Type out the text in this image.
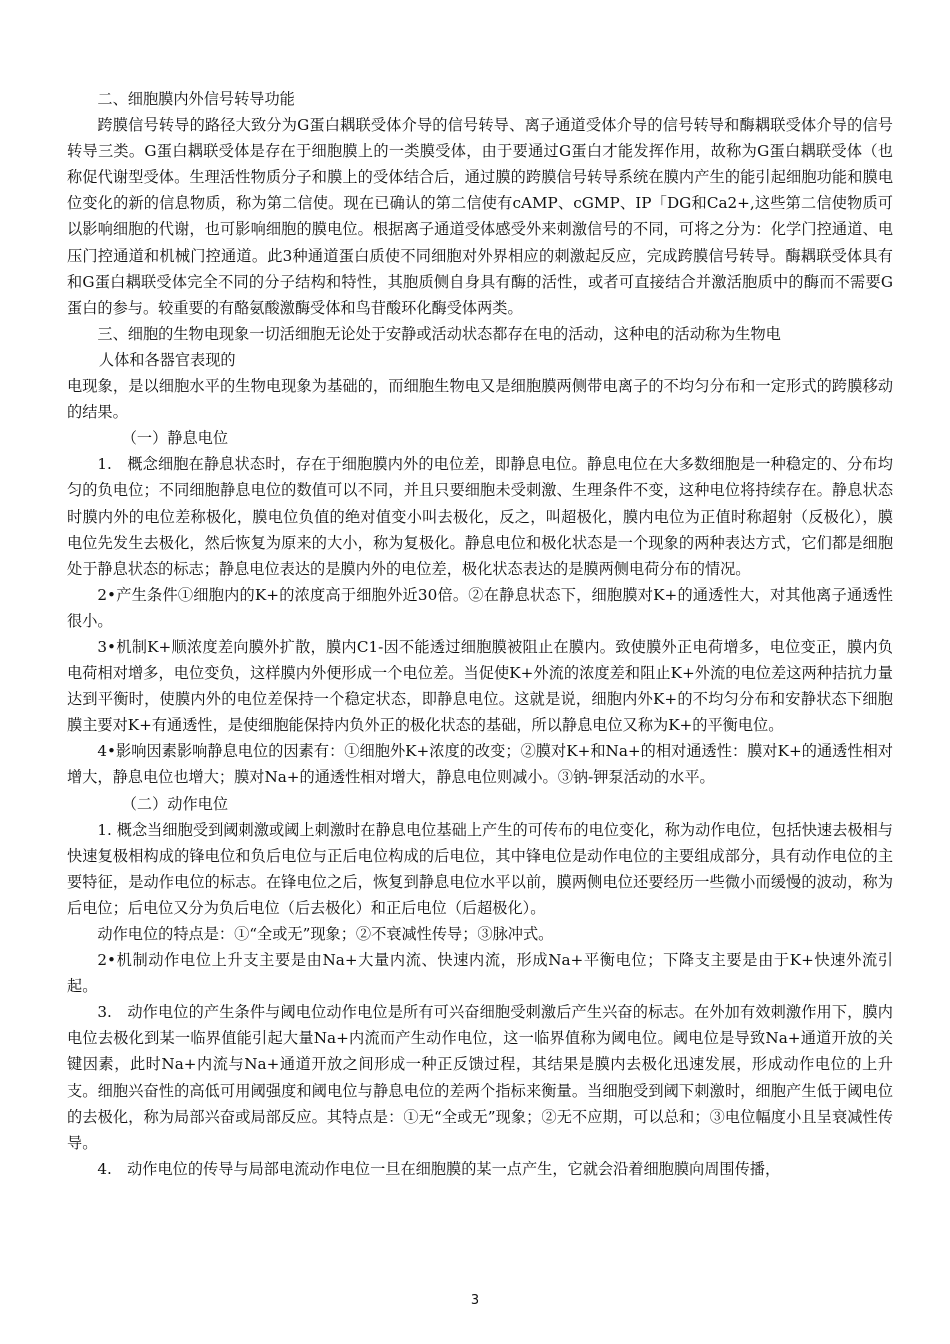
二、细胞膜内外信号转导功能

跨膜信号转导的路径大致分为G蛋白耦联受体介导的信号转导、离子通道受体介导的信号转导和酶耦联受体介导的信号转导三类。G蛋白耦联受体是存在于细胞膜上的一类膜受体，由于要通过G蛋白才能发挥作用，故称为G蛋白耦联受体（也称促代谢型受体。生理活性物质分子和膜上的受体结合后，通过膜的跨膜信号转导系统在膜内产生的能引起细胞功能和膜电位变化的新的信息物质，称为第二信使。现在已确认的第二信使有cAMP、cGMP、IP「DG和Ca2+,这些第二信使物质可以影响细胞的代谢，也可影响细胞的膜电位。根据离子通道受体感受外来刺激信号的不同，可将之分为：化学门控通道、电压门控通道和机械门控通道。此3种通道蛋白质使不同细胞对外界相应的刺激起反应，完成跨膜信号转导。酶耦联受体具有和G蛋白耦联受体完全不同的分子结构和特性，其胞质侧自身具有酶的活性，或者可直接结合并激活胞质中的酶而不需要G蛋白的参与。较重要的有酪氨酸激酶受体和鸟苷酸环化酶受体两类。

三、细胞的生物电现象一切活细胞无论处于安静或活动状态都存在电的活动，这种电的活动称为生物电

人体和各器官表现的

电现象，是以细胞水平的生物电现象为基础的，而细胞生物电又是细胞膜两侧带电离子的不均匀分布和一定形式的跨膜移动的结果。

（一）静息电位

1.　概念细胞在静息状态时，存在于细胞膜内外的电位差，即静息电位。静息电位在大多数细胞是一种稳定的、分布均匀的负电位；不同细胞静息电位的数值可以不同，并且只要细胞未受刺激、生理条件不变，这种电位将持续存在。静息状态时膜内外的电位差称极化，膜电位负值的绝对值变小叫去极化，反之，叫超极化，膜内电位为正值时称超射（反极化），膜电位先发生去极化，然后恢复为原来的大小，称为复极化。静息电位和极化状态是一个现象的两种表达方式，它们都是细胞处于静息状态的标志；静息电位表达的是膜内外的电位差，极化状态表达的是膜两侧电荷分布的情况。

2•产生条件①细胞内的K+的浓度高于细胞外近30倍。②在静息状态下，细胞膜对K+的通透性大，对其他离子通透性很小。

3•机制K+顺浓度差向膜外扩散，膜内C1-因不能透过细胞膜被阻止在膜内。致使膜外正电荷增多，电位变正，膜内负电荷相对增多，电位变负，这样膜内外便形成一个电位差。当促使K+外流的浓度差和阻止K+外流的电位差这两种拮抗力量达到平衡时，使膜内外的电位差保持一个稳定状态，即静息电位。这就是说，细胞内外K+的不均匀分布和安静状态下细胞膜主要对K+有通透性，是使细胞能保持内负外正的极化状态的基础，所以静息电位又称为K+的平衡电位。

4•影响因素影响静息电位的因素有：①细胞外K+浓度的改变；②膜对K+和Na+的相对通透性：膜对K+的通透性相对增大，静息电位也增大；膜对Na+的通透性相对增大，静息电位则减小。③钠-钾泵活动的水平。

（二）动作电位

1. 概念当细胞受到阈刺激或阈上刺激时在静息电位基础上产生的可传布的电位变化，称为动作电位，包括快速去极相与快速复极相构成的锋电位和负后电位与正后电位构成的后电位，其中锋电位是动作电位的主要组成部分，具有动作电位的主要特征，是动作电位的标志。在锋电位之后，恢复到静息电位水平以前，膜两侧电位还要经历一些微小而缓慢的波动，称为后电位；后电位又分为负后电位（后去极化）和正后电位（后超极化）。

动作电位的特点是：①“全或无”现象；②不衰减性传导；③脉冲式。

2•机制动作电位上升支主要是由Na+大量内流、快速内流，形成Na+平衡电位；下降支主要是由于K+快速外流引起。

3.　动作电位的产生条件与阈电位动作电位是所有可兴奋细胞受刺激后产生兴奋的标志。在外加有效刺激作用下，膜内电位去极化到某一临界值能引起大量Na+内流而产生动作电位，这一临界值称为阈电位。阈电位是导致Na+通道开放的关键因素，此时Na+内流与Na+通道开放之间形成一种正反馈过程，其结果是膜内去极化迅速发展，形成动作电位的上升支。细胞兴奋性的高低可用阈强度和阈电位与静息电位的差两个指标来衡量。当细胞受到阈下刺激时，细胞产生低于阈电位的去极化，称为局部兴奋或局部反应。其特点是：①无“全或无”现象；②无不应期，可以总和；③电位幅度小且呈衰减性传导。

4.　动作电位的传导与局部电流动作电位一旦在细胞膜的某一点产生，它就会沿着细胞膜向周围传播，

3
